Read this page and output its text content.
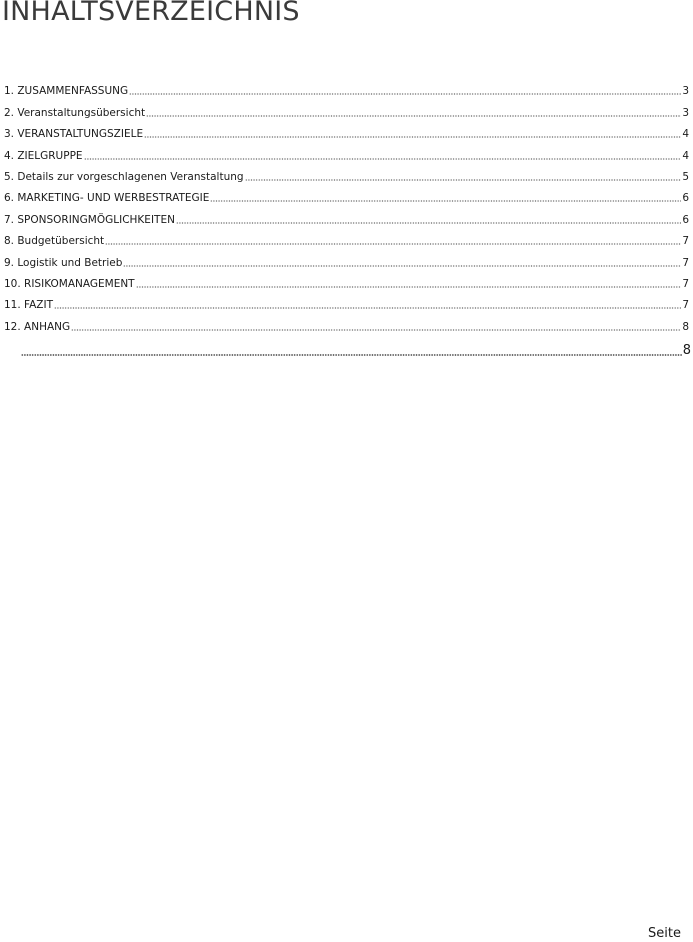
INHALTSVERZEICHNIS
1. ZUSAMMENFASSUNG	3
2. Veranstaltungsübersicht	3
3. VERANSTALTUNGSZIELE	4
4. ZIELGRUPPE	4
5. Details zur vorgeschlagenen Veranstaltung	5
6. MARKETING- UND WERBESTRATEGIE	6
7. SPONSORINGMÖGLICHKEITEN	6
8. Budgetübersicht	7
9. Logistik und Betrieb	7
10. RISIKOMANAGEMENT	7
11. FAZIT	7
12. ANHANG	8
8
Seite
